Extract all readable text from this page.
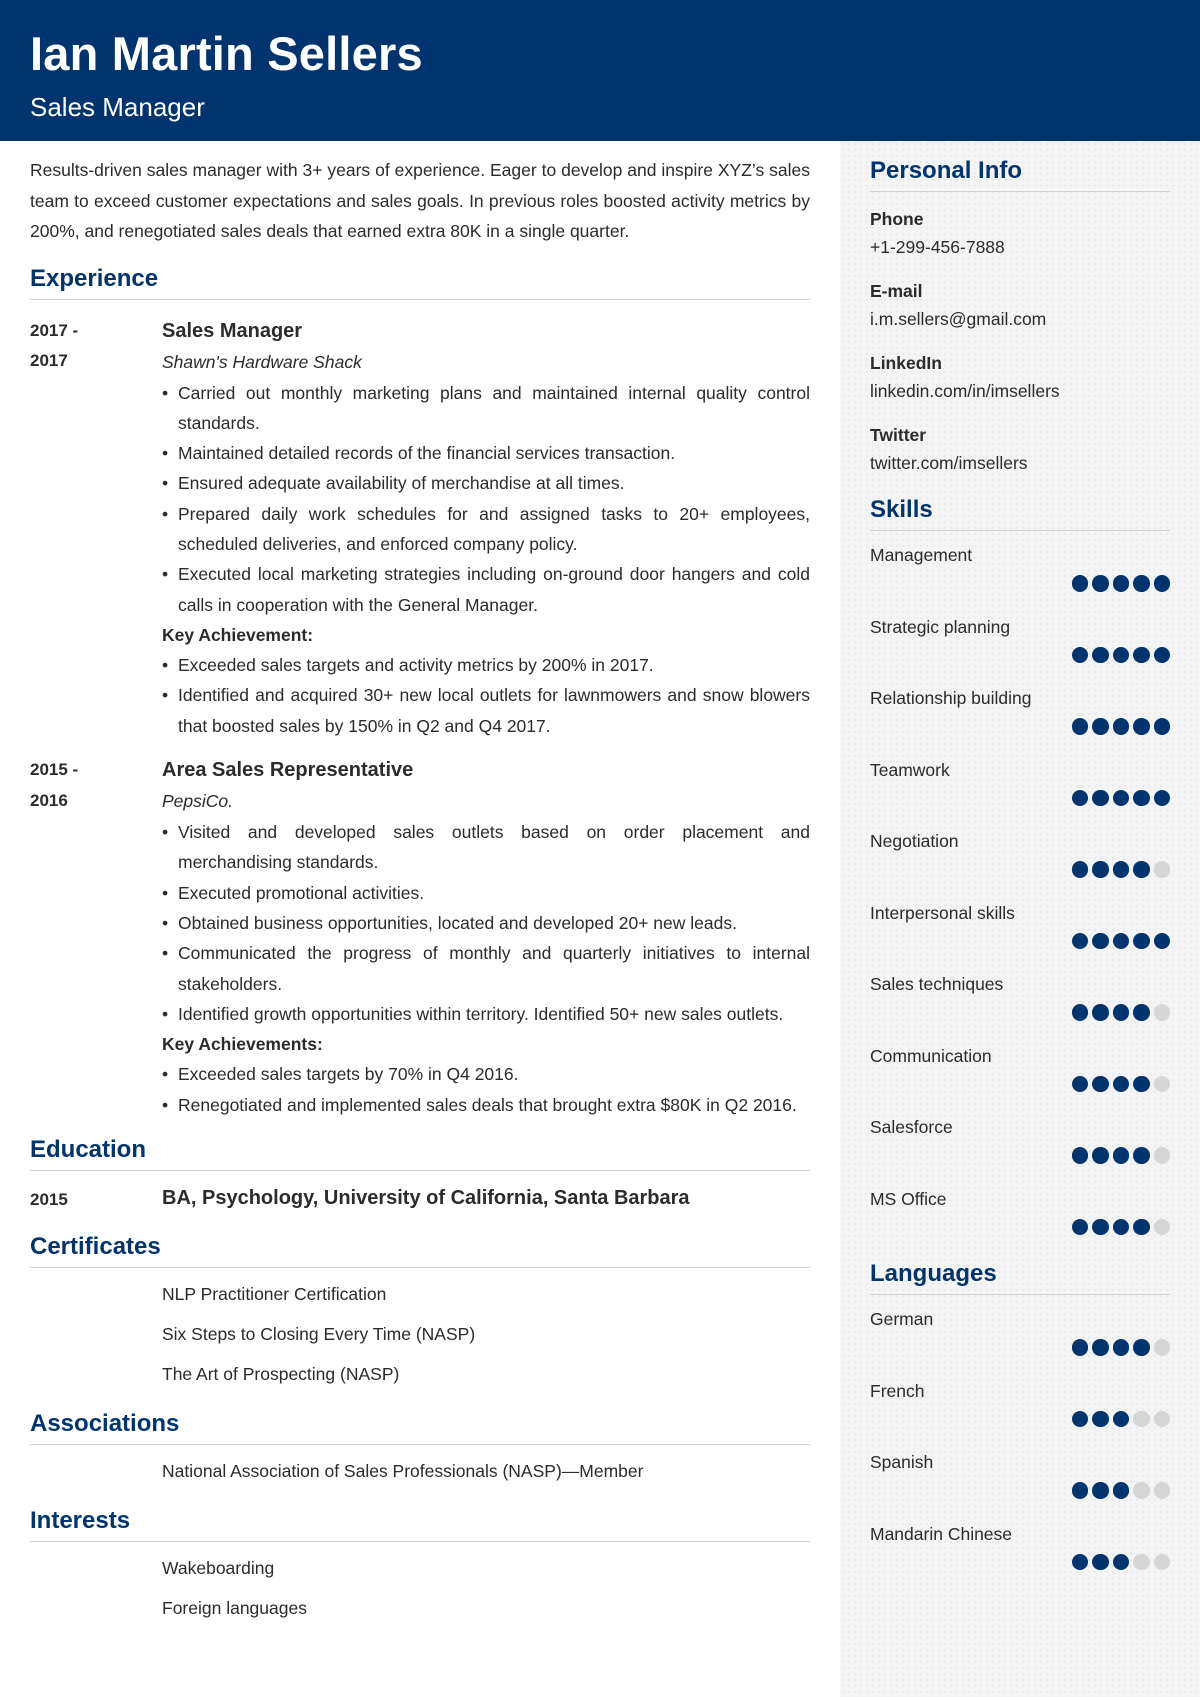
Ian Martin Sellers
Sales Manager
Personal Info
Phone
+1-299-456-7888
E-mail
i.m.sellers@gmail.com
LinkedIn
linkedin.com/in/imsellers
Twitter
twitter.com/imsellers
Skills
Management
Strategic planning
Relationship building
Teamwork
Negotiation
Interpersonal skills
Sales techniques
Communication
Salesforce
MS Office
Languages
German
French
Spanish
Mandarin Chinese

Results-driven sales manager with 3+ years of experience. Eager to develop and inspire XYZ’s sales team to exceed customer expectations and sales goals. In previous roles boosted activity metrics by 200%, and renegotiated sales deals that earned extra 80K in a single quarter.

Experience
2017 -
2017
Sales Manager
Shawn's Hardware Shack
• Carried out monthly marketing plans and maintained internal quality control standards.
• Maintained detailed records of the financial services transaction.
• Ensured adequate availability of merchandise at all times.
• Prepared daily work schedules for and assigned tasks to 20+ employees, scheduled deliveries, and enforced company policy.
• Executed local marketing strategies including on-ground door hangers and cold calls in cooperation with the General Manager.
Key Achievement:
• Exceeded sales targets and activity metrics by 200% in 2017.
• Identified and acquired 30+ new local outlets for lawnmowers and snow blowers that boosted sales by 150% in Q2 and Q4 2017.
2015 -
2016
Area Sales Representative
PepsiCo.
• Visited and developed sales outlets based on order placement and merchandising standards.
• Executed promotional activities.
• Obtained business opportunities, located and developed 20+ new leads.
• Communicated the progress of monthly and quarterly initiatives to internal stakeholders.
• Identified growth opportunities within territory. Identified 50+ new sales outlets.
Key Achievements:
• Exceeded sales targets by 70% in Q4 2016.
• Renegotiated and implemented sales deals that brought extra $80K in Q2 2016.
Education
2015	BA, Psychology, University of California, Santa Barbara
Certificates
NLP Practitioner Certification
Six Steps to Closing Every Time (NASP)
The Art of Prospecting (NASP)
Associations
National Association of Sales Professionals (NASP)—Member
Interests
Wakeboarding
Foreign languages
